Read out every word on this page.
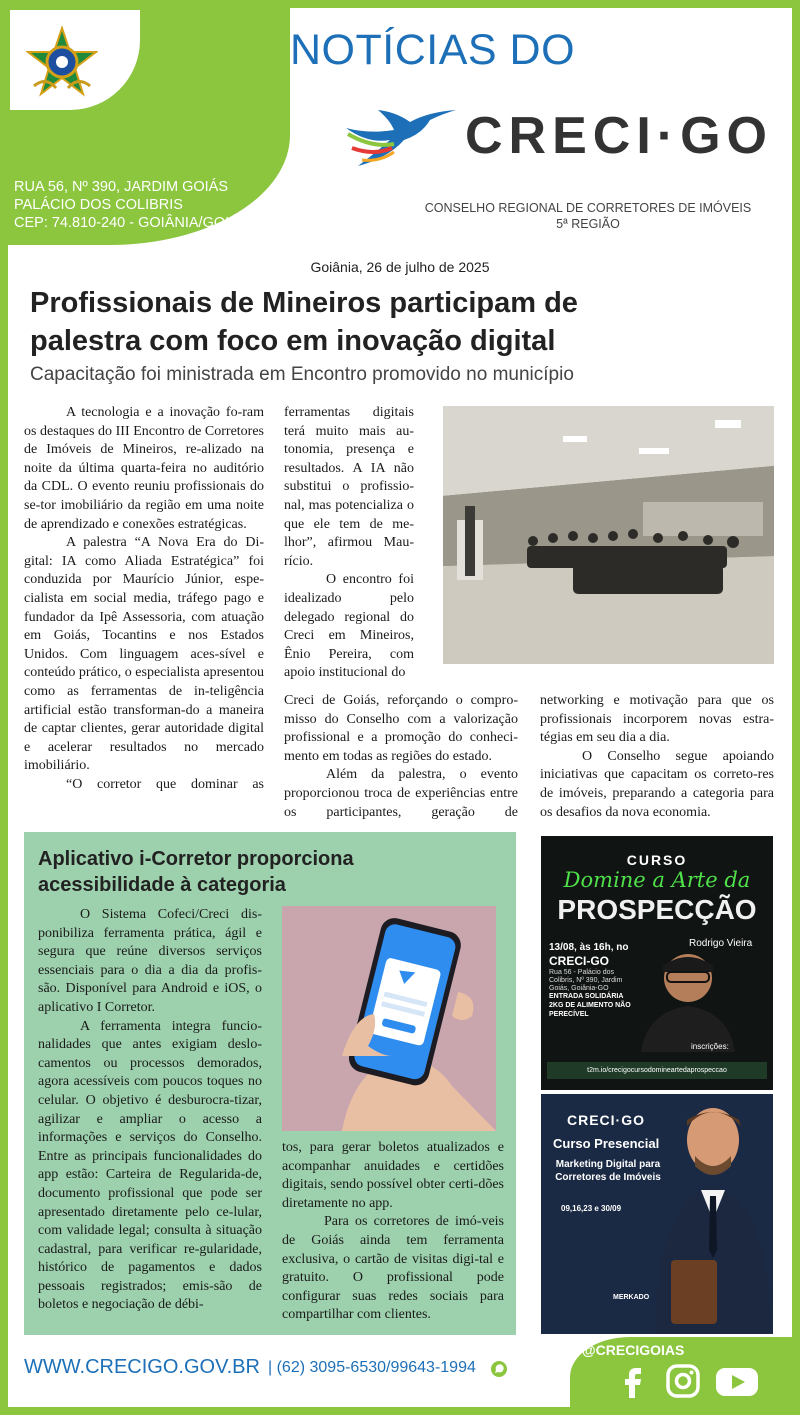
RUA 56, Nº 390, JARDIM GOIÁS
PALÁCIO DOS COLIBRIS
CEP: 74.810-240 - GOIÂNIA/GOIÁS
NOTÍCIAS DO
CRECI·GO
CONSELHO REGIONAL DE CORRETORES DE IMÓVEIS
5ª REGIÃO
Goiânia, 26 de julho de 2025
Profissionais de Mineiros participam de
palestra com foco em inovação digital
Capacitação foi ministrada em Encontro promovido no município

A tecnologia e a inovação fo-ram os destaques do III Encontro de Corretores de Imóveis de Mineiros, re-alizado na noite da última quarta-feira no auditório da CDL. O evento reuniu profissionais do se-tor imobiliário da região em uma noite de aprendizado e conexões estratégicas.

A palestra “A Nova Era do Di-gital: IA como Aliada Estratégica” foi conduzida por Maurício Júnior, espe-cialista em social media, tráfego pago e fundador da Ipê Assessoria, com atuação em Goiás, Tocantins e nos Estados Unidos. Com linguagem aces-sível e conteúdo prático, o especialista apresentou como as ferramentas de in-teligência artificial estão transforman-do a maneira de captar clientes, gerar autoridade digital e acelerar resultados no mercado imobiliário.

“O corretor que dominar as

ferramentas digitais terá muito mais au-tonomia, presença e resultados. A IA não substitui o profissio-nal, mas potencializa o que ele tem de me-lhor”, afirmou Mau-rício.

O encontro foi idealizado pelo delegado regional do Creci em Mineiros, Ênio Pereira, com apoio institucional do

Creci de Goiás, reforçando o compro-misso do Conselho com a valorização profissional e a promoção do conheci-mento em todas as regiões do estado.

Além da palestra, o evento proporcionou troca de experiências entre os participantes, geração de

networking e motivação para que os profissionais incorporem novas estra-tégias em seu dia a dia.

O Conselho segue apoiando iniciativas que capacitam os correto-res de imóveis, preparando a categoria para os desafios da nova economia.

Aplicativo i-Corretor proporciona
acessibilidade à categoria

O Sistema Cofeci/Creci dis-ponibiliza ferramenta prática, ágil e segura que reúne diversos serviços essenciais para o dia a dia da profis-são. Disponível para Android e iOS, o aplicativo I Corretor.

A ferramenta integra funcio-nalidades que antes exigiam deslo-camentos ou processos demorados, agora acessíveis com poucos toques no celular. O objetivo é desburocra-tizar, agilizar e ampliar o acesso a informações e serviços do Conselho. Entre as principais funcionalidades do app estão: Carteira de Regularida-de, documento profissional que pode ser apresentado diretamente pelo ce-lular, com validade legal; consulta à situação cadastral, para verificar re-gularidade, histórico de pagamentos e dados pessoais registrados; emis-são de boletos e negociação de débi-

tos, para gerar boletos atualizados e acompanhar anuidades e certidões digitais, sendo possível obter certi-dões diretamente no app.

Para os corretores de imó-veis de Goiás ainda tem ferramenta exclusiva, o cartão de visitas digi-tal e gratuito. O profissional pode configurar suas redes sociais para compartilhar com clientes.

CURSO
Domine a Arte da
PROSPECÇÃO
13/08, às 16h, no
CRECI-GO
Rua 56 - Palácio dos Colibris, Nº 390, Jardim Goiás, Goiânia-GO
Rodrigo Vieira
ENTRADA SOLIDÁRIA 2KG DE ALIMENTO NÃO PERECÍVEL
inscrições:
t2m.io/crecigocursodomineartedaprospeccao
CRECI·GO
Curso Presencial
Marketing Digital para Corretores de Imóveis
09,16,23 e 30/09
MERKADO
WWW.CRECIGO.GOV.BR | (62) 3095-6530/99643-1994
@CRECIGOIAS
